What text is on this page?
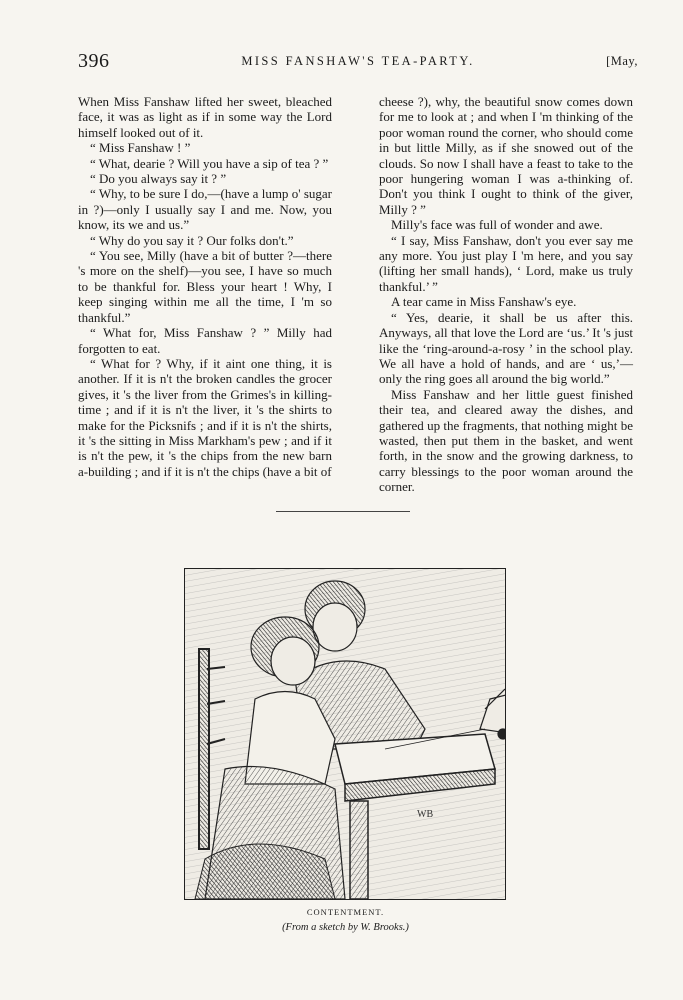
396	MISS FANSHAW'S TEA-PARTY.	[May,

When Miss Fanshaw lifted her sweet, bleached face, it was as light as if in some way the Lord himself looked out of it.

“ Miss Fanshaw ! ”

“ What, dearie ? Will you have a sip of tea ? ”

“ Do you always say it ? ”

“ Why, to be sure I do,—(have a lump o' sugar in ?)—only I usually say I and me. Now, you know, its we and us.”

“ Why do you say it ? Our folks don't.”

“ You see, Milly (have a bit of butter ?—there 's more on the shelf)—you see, I have so much to be thankful for. Bless your heart ! Why, I keep singing within me all the time, I 'm so thankful.”

“ What for, Miss Fanshaw ? ” Milly had forgotten to eat.

“ What for ? Why, if it aint one thing, it is another. If it is n't the broken candles the grocer gives, it 's the liver from the Grimes's in killing-time ; and if it is n't the liver, it 's the shirts to make for the Picksnifs ; and if it is n't the shirts, it 's the sitting in Miss Markham's pew ; and if it is n't the pew, it 's the chips from the new barn a-building ; and if it is n't the chips (have a bit of

cheese ?), why, the beautiful snow comes down for me to look at ; and when I 'm thinking of the poor woman round the corner, who should come in but little Milly, as if she snowed out of the clouds. So now I shall have a feast to take to the poor hungering woman I was a-thinking of. Don't you think I ought to think of the giver, Milly ? ”

Milly's face was full of wonder and awe.

“ I say, Miss Fanshaw, don't you ever say me any more. You just play I 'm here, and you say (lifting her small hands), ‘ Lord, make us truly thankful.’ ”

A tear came in Miss Fanshaw's eye.

“ Yes, dearie, it shall be us after this. Anyways, all that love the Lord are ‘us.’ It 's just like the ‘ring-around-a-rosy ’ in the school play. We all have a hold of hands, and are ‘ us,’—only the ring goes all around the big world.”

Miss Fanshaw and her little guest finished their tea, and cleared away the dishes, and gathered up the fragments, that nothing might be wasted, then put them in the basket, and went forth, in the snow and the growing darkness, to carry blessings to the poor woman around the corner.

WB
CONTENTMENT.
(From a sketch by W. Brooks.)
